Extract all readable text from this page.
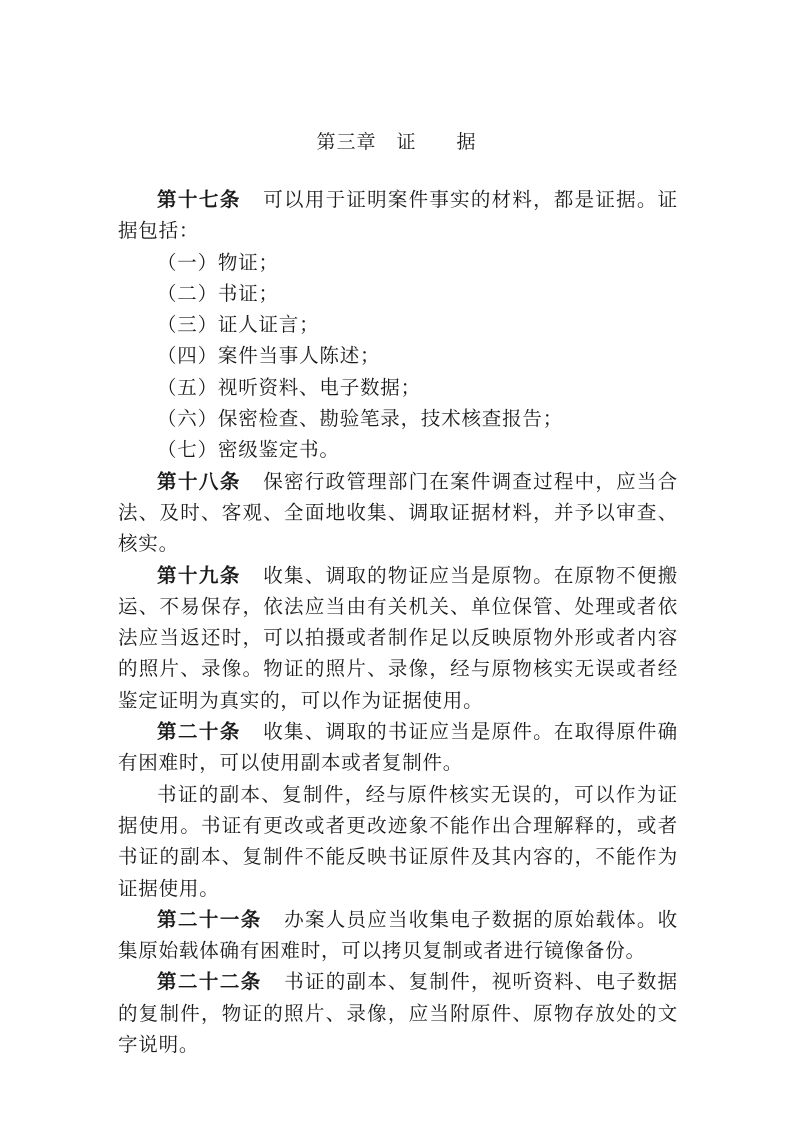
第三章　证　　据

第十七条 可以用于证明案件事实的材料，都是证据。证据包括：

（一）物证；

（二）书证；

（三）证人证言；

（四）案件当事人陈述；

（五）视听资料、电子数据；

（六）保密检查、勘验笔录，技术核查报告；

（七）密级鉴定书。

第十八条 保密行政管理部门在案件调查过程中，应当合法、及时、客观、全面地收集、调取证据材料，并予以审查、核实。

第十九条 收集、调取的物证应当是原物。在原物不便搬运、不易保存，依法应当由有关机关、单位保管、处理或者依法应当返还时，可以拍摄或者制作足以反映原物外形或者内容的照片、录像。物证的照片、录像，经与原物核实无误或者经鉴定证明为真实的，可以作为证据使用。

第二十条 收集、调取的书证应当是原件。在取得原件确有困难时，可以使用副本或者复制件。

书证的副本、复制件，经与原件核实无误的，可以作为证据使用。书证有更改或者更改迹象不能作出合理解释的，或者书证的副本、复制件不能反映书证原件及其内容的，不能作为证据使用。

第二十一条 办案人员应当收集电子数据的原始载体。收集原始载体确有困难时，可以拷贝复制或者进行镜像备份。

第二十二条 书证的副本、复制件，视听资料、电子数据的复制件，物证的照片、录像，应当附原件、原物存放处的文字说明。
